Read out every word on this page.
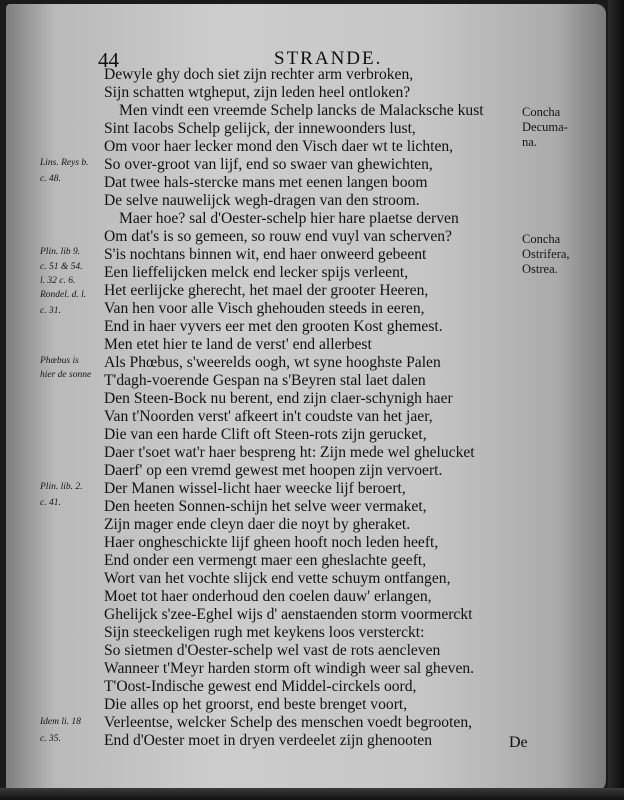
44	STRANDE.
Dewyle ghy doch siet zijn rechter arm verbroken,
Sijn schatten wtgheput, zijn leden heel ontloken?
Men vindt een vreemde Schelp lancks de Malacksche kust
Sint Iacobs Schelp gelijck, der innewoonders lust,
Om voor haer lecker mond den Visch daer wt te lichten,
So over-groot van lijf, end so swaer van ghewichten,
Dat twee hals-stercke mans met eenen langen boom
De selve nauwelijck wegh-dragen van den stroom.
Maer hoe? sal d'Oester-schelp hier hare plaetse derven
Om dat's is so gemeen, so rouw end vuyl van scherven?
S'is nochtans binnen wit, end haer onweerd gebeent
Een lieffelijcken melck end lecker spijs verleent,
Het eerlijcke gherecht, het mael der grooter Heeren,
Van hen voor alle Visch ghehouden steeds in eeren,
End in haer vyvers eer met den grooten Kost ghemest.
Men etet hier te land de verst' end allerbest
Als Phœbus, s'weerelds oogh, wt syne hooghste Palen
T'dagh-voerende Gespan na s'Beyren stal laet dalen
Den Steen-Bock nu berent, end zijn claer-schynigh haer
Van t'Noorden verst' afkeert in't coudste van het jaer,
Die van een harde Clift oft Steen-rots zijn gerucket,
Daer t'soet wat'r haer bespreng ht: Zijn mede wel ghelucket
Daerf' op een vremd gewest met hoopen zijn vervoert.
Der Manen wissel-licht haer weecke lijf beroert,
Den heeten Sonnen-schijn het selve weer vermaket,
Zijn mager ende cleyn daer die noyt by gheraket.
Haer ongheschickte lijf gheen hooft noch leden heeft,
End onder een vermengt maer een gheslachte geeft,
Wort van het vochte slijck end vette schuym ontfangen,
Moet tot haer onderhoud den coelen dauw' erlangen,
Ghelijck s'zee-Eghel wijs d' aenstaenden storm voormerckt
Sijn steeckeligen rugh met keykens loos versterckt:
So sietmen d'Oester-schelp wel vast de rots aencleven
Wanneer t'Meyr harden storm oft windigh weer sal gheven.
T'Oost-Indische gewest end Middel-circkels oord,
Die alles op het groorst, end beste brenget voort,
Verleentse, welcker Schelp des menschen voedt begrooten,
End d'Oester moet in dryen verdeelet zijn ghenooten
Lins. Reys b.
c. 48.
Plin. lib 9.
c. 51 & 54.
l. 32 c. 6.
Rondel. d. l.
c. 31.
Phœbus is
hier de sonne
Plin. lib. 2.
c. 41.
Idem li. 18
c. 35.
Concha
Decuma-
na.
Concha
Ostrifera,
Ostrea.
De
